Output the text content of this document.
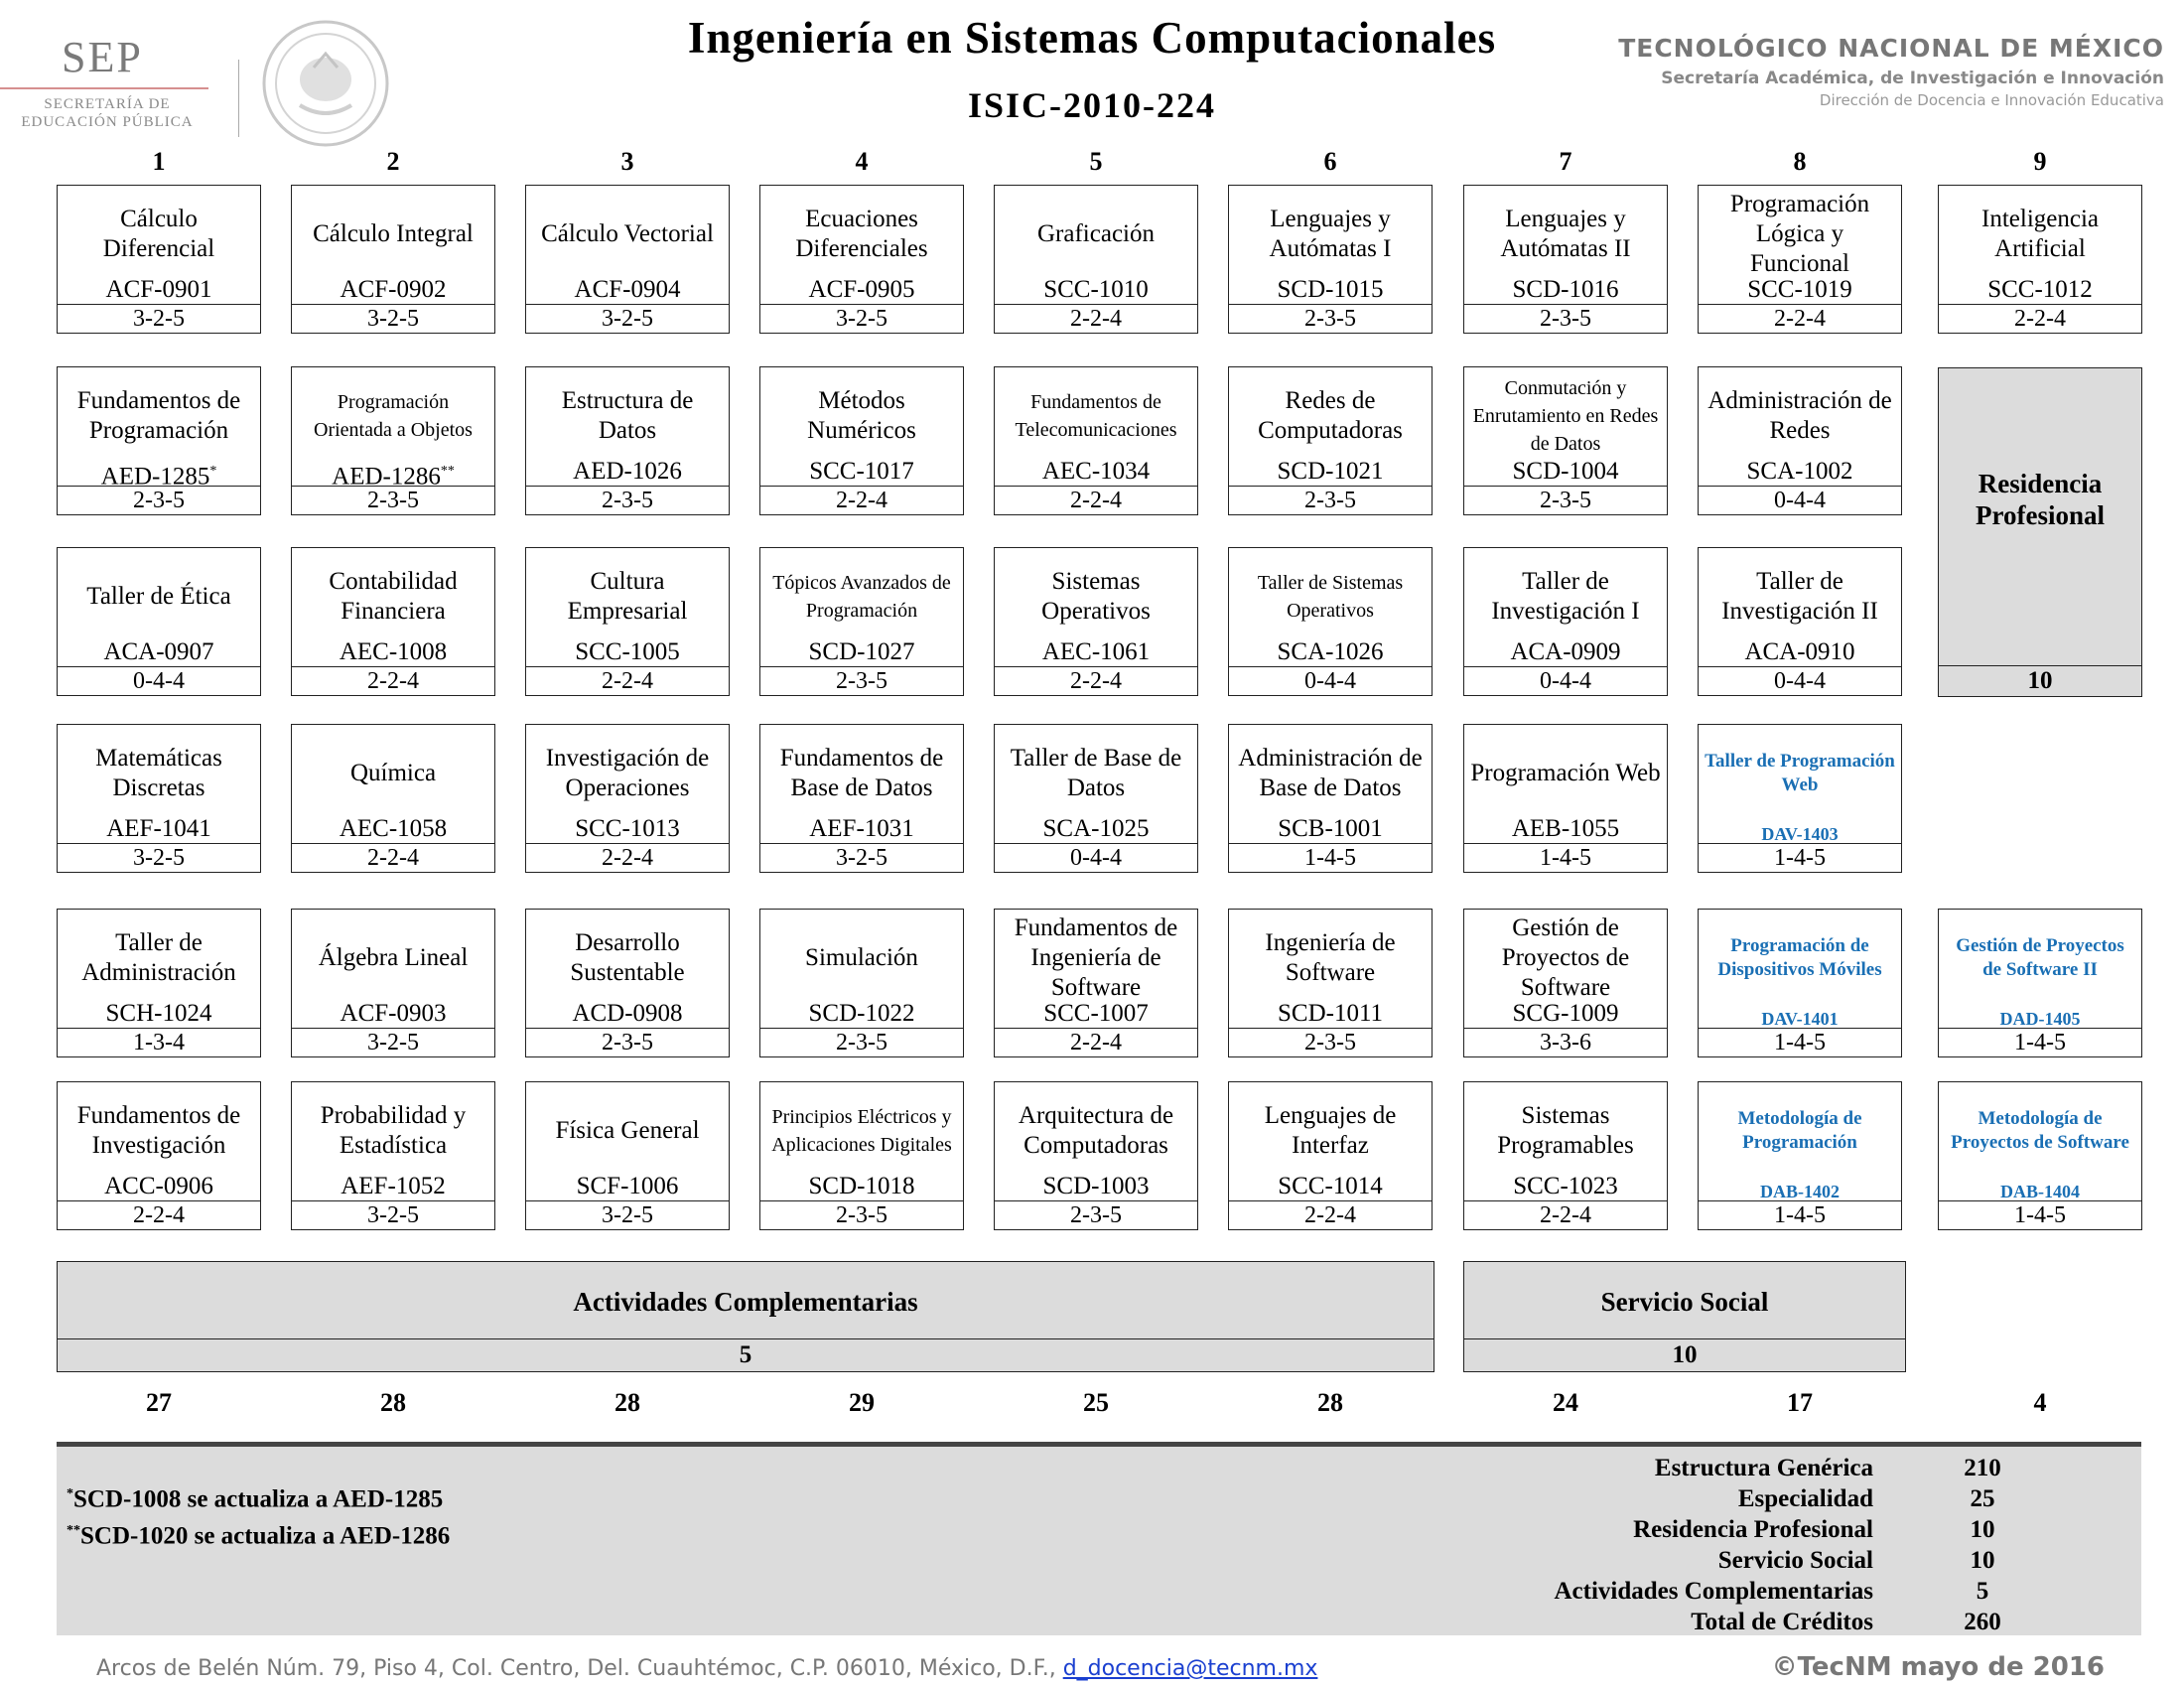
SEP
SECRETARÍA DE
EDUCACIÓN PÚBLICA
Ingeniería en Sistemas Computacionales
ISIC-2010-224
TECNOLÓGICO NACIONAL DE MÉXICO
Secretaría Académica, de Investigación e Innovación
Dirección de Docencia e Innovación Educativa
1	2	3	4	5	6	7	8	9
27	28	28	29	25	28	24	17	4
Cálculo Diferencial
ACF-0901
3-2-5
Fundamentos de Programación
AED-1285*
2-3-5
Taller de Ética
ACA-0907
0-4-4
Matemáticas Discretas
AEF-1041
3-2-5
Taller de Administración
SCH-1024
1-3-4
Fundamentos de Investigación
ACC-0906
2-2-4
Cálculo Integral
ACF-0902
3-2-5
Programación Orientada a Objetos
AED-1286**
2-3-5
Contabilidad Financiera
AEC-1008
2-2-4
Química
AEC-1058
2-2-4
Álgebra Lineal
ACF-0903
3-2-5
Probabilidad y Estadística
AEF-1052
3-2-5
Cálculo Vectorial
ACF-0904
3-2-5
Estructura de Datos
AED-1026
2-3-5
Cultura Empresarial
SCC-1005
2-2-4
Investigación de Operaciones
SCC-1013
2-2-4
Desarrollo Sustentable
ACD-0908
2-3-5
Física General
SCF-1006
3-2-5
Ecuaciones Diferenciales
ACF-0905
3-2-5
Métodos Numéricos
SCC-1017
2-2-4
Tópicos Avanzados de Programación
SCD-1027
2-3-5
Fundamentos de Base de Datos
AEF-1031
3-2-5
Simulación
SCD-1022
2-3-5
Principios Eléctricos y Aplicaciones Digitales
SCD-1018
2-3-5
Graficación
SCC-1010
2-2-4
Fundamentos de Telecomunicaciones
AEC-1034
2-2-4
Sistemas Operativos
AEC-1061
2-2-4
Taller de Base de Datos
SCA-1025
0-4-4
Fundamentos de Ingeniería de Software
SCC-1007
2-2-4
Arquitectura de Computadoras
SCD-1003
2-3-5
Lenguajes y Autómatas I
SCD-1015
2-3-5
Redes de Computadoras
SCD-1021
2-3-5
Taller de Sistemas Operativos
SCA-1026
0-4-4
Administración de Base de Datos
SCB-1001
1-4-5
Ingeniería de Software
SCD-1011
2-3-5
Lenguajes de Interfaz
SCC-1014
2-2-4
Lenguajes y Autómatas II
SCD-1016
2-3-5
Conmutación y Enrutamiento en Redes de Datos
SCD-1004
2-3-5
Taller de Investigación I
ACA-0909
0-4-4
Programación Web
AEB-1055
1-4-5
Gestión de Proyectos de Software
SCG-1009
3-3-6
Sistemas Programables
SCC-1023
2-2-4
Programación Lógica y Funcional
SCC-1019
2-2-4
Administración de Redes
SCA-1002
0-4-4
Taller de Investigación II
ACA-0910
0-4-4
Taller de Programación Web
DAV-1403
1-4-5
Programación de Dispositivos Móviles
DAV-1401
1-4-5
Metodología de Programación
DAB-1402
1-4-5
Inteligencia Artificial
SCC-1012
2-2-4
Gestión de Proyectos de Software II
DAD-1405
1-4-5
Metodología de Proyectos de Software
DAB-1404
1-4-5
Residencia Profesional
10
Actividades Complementarias
5
Servicio Social
10
*SCD-1008 se actualiza a AED-1285
**SCD-1020 se actualiza a AED-1286
Estructura Genérica	210
Especialidad	25
Residencia Profesional	10
Servicio Social	10
Actividades Complementarias	5
Total de Créditos	260
Arcos de Belén Núm. 79, Piso 4, Col. Centro, Del. Cuauhtémoc, C.P. 06010, México, D.F., d_docencia@tecnm.mx	©TecNM mayo de 2016
